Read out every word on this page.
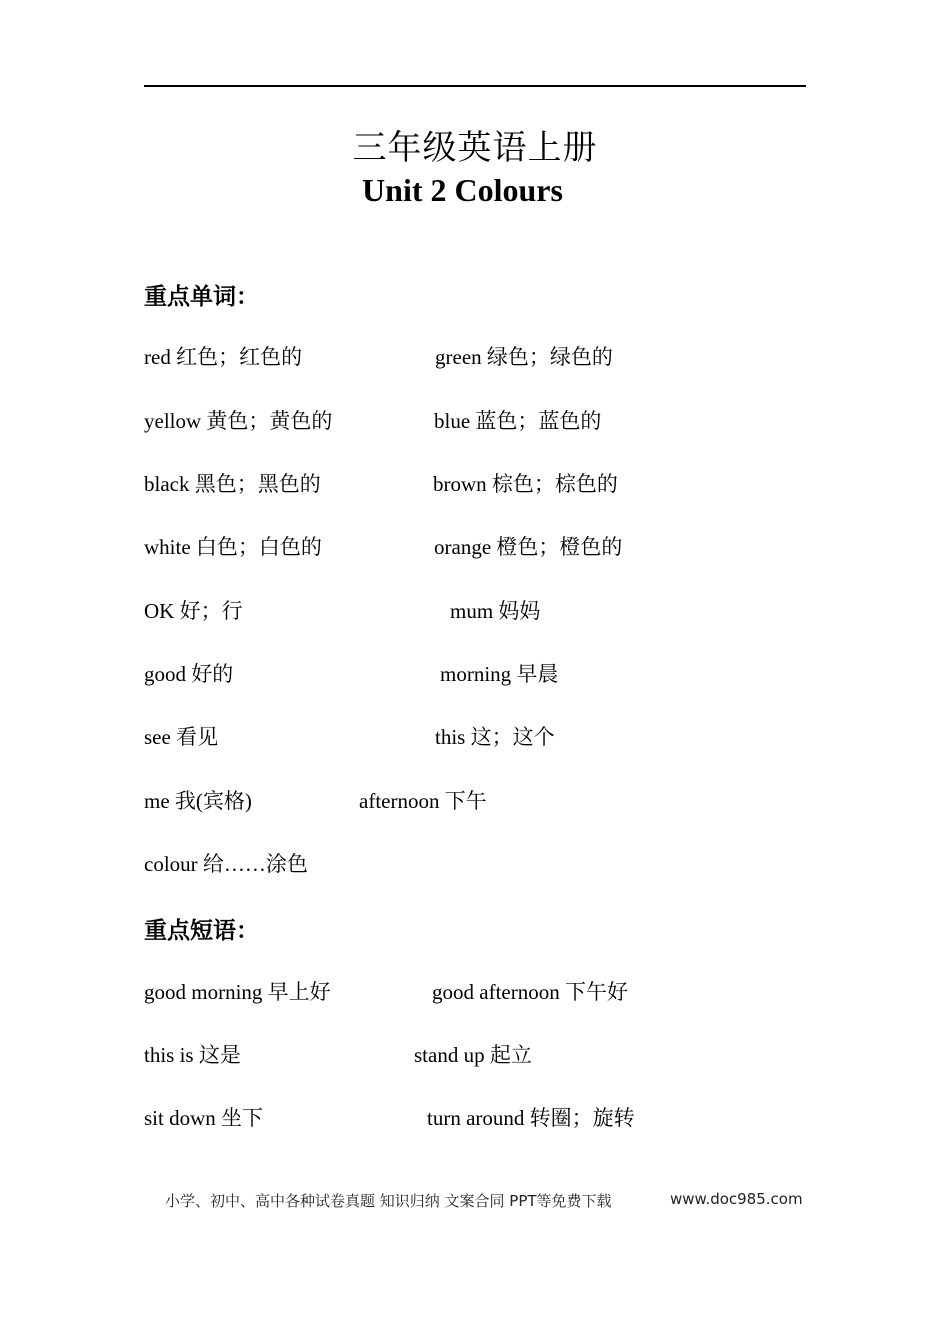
三年级英语上册
Unit 2 Colours
重点单词：
red 红色；红色的	green 绿色；绿色的
yellow 黄色；黄色的	blue 蓝色；蓝色的
black 黑色；黑色的	brown 棕色；棕色的
white 白色；白色的	orange 橙色；橙色的
OK 好；行	mum 妈妈
good 好的	morning 早晨
see 看见	this 这；这个
me 我(宾格)	afternoon 下午
colour 给……涂色
重点短语：
good morning 早上好	good afternoon 下午好
this is 这是	stand up 起立
sit down 坐下	turn around 转圈；旋转
小学、初中、高中各种试卷真题 知识归纳 文案合同 PPT等免费下载	www.doc985.com
